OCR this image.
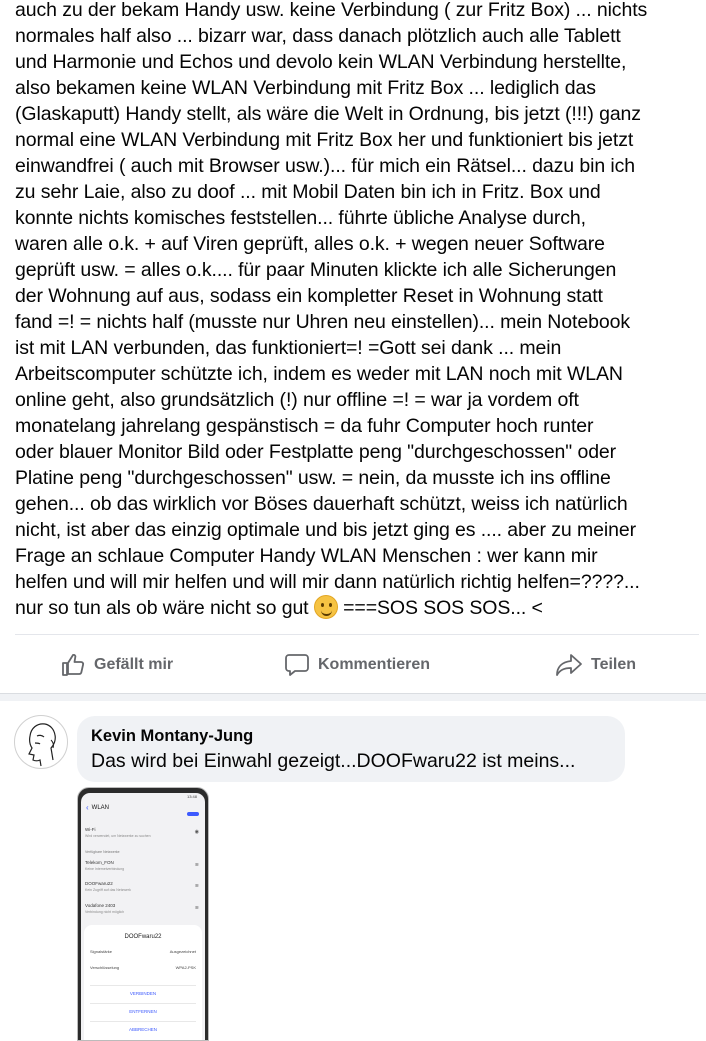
auch zu der bekam Handy usw. keine Verbindung ( zur Fritz Box) ... nichts
normales half also ... bizarr war, dass danach plötzlich auch alle Tablett
und Harmonie und Echos und devolo kein WLAN Verbindung herstellte,
also bekamen keine WLAN Verbindung mit Fritz Box ... lediglich das
(Glaskaputt) Handy stellt, als wäre die Welt in Ordnung, bis jetzt (!!!) ganz
normal eine WLAN Verbindung mit Fritz Box her und funktioniert bis jetzt
einwandfrei ( auch mit Browser usw.)... für mich ein Rätsel... dazu bin ich
zu sehr Laie, also zu doof ... mit Mobil Daten bin ich in Fritz. Box und
konnte nichts komisches feststellen... führte übliche Analyse durch,
waren alle o.k. + auf Viren geprüft, alles o.k. + wegen neuer Software
geprüft usw. = alles o.k.... für paar Minuten klickte ich alle Sicherungen
der Wohnung auf aus, sodass ein kompletter Reset in Wohnung statt
fand =! = nichts half (musste nur Uhren neu einstellen)... mein Notebook
ist mit LAN verbunden, das funktioniert=! =Gott sei dank ... mein
Arbeitscomputer schützte ich, indem es weder mit LAN noch mit WLAN
online geht, also grundsätzlich (!) nur offline =! = war ja vordem oft
monatelang jahrelang gespänstisch = da fuhr Computer hoch runter
oder blauer Monitor Bild oder Festplatte peng "durchgeschossen" oder
Platine peng "durchgeschossen" usw. = nein, da musste ich ins offline
gehen... ob das wirklich vor Böses dauerhaft schützt, weiss ich natürlich
nicht, ist aber das einzig optimale und bis jetzt ging es .... aber zu meiner
Frage an schlaue Computer Handy WLAN Menschen : wer kann mir
helfen und will mir helfen und will mir dann natürlich richtig helfen=????...
nur so tun als ob wäre nicht so gut  ===SOS SOS SOS... <
Gefällt mir	Kommentieren	Teilen
Kevin Montany-Jung
Das wird bei Einwahl gezeigt...DOOFwaru22 ist meins...
13:48
‹ WLAN
Wi-Fi
Wird verwendet, um Netzwerke zu suchen
◉
Verfügbare Netzwerke
Telekom_FON
Keine Internetverbindung
≋
DOOFwaru22
Kein Zugriff auf das Netzwerk
≋
Vodafone 2403
Verbindung nicht möglich
≋
DOOFwaru22
Signalstärke	Ausgezeichnet
Verschlüsselung	WPA2-PSK
VERBINDEN
ENTFERNEN
ABBRECHEN
